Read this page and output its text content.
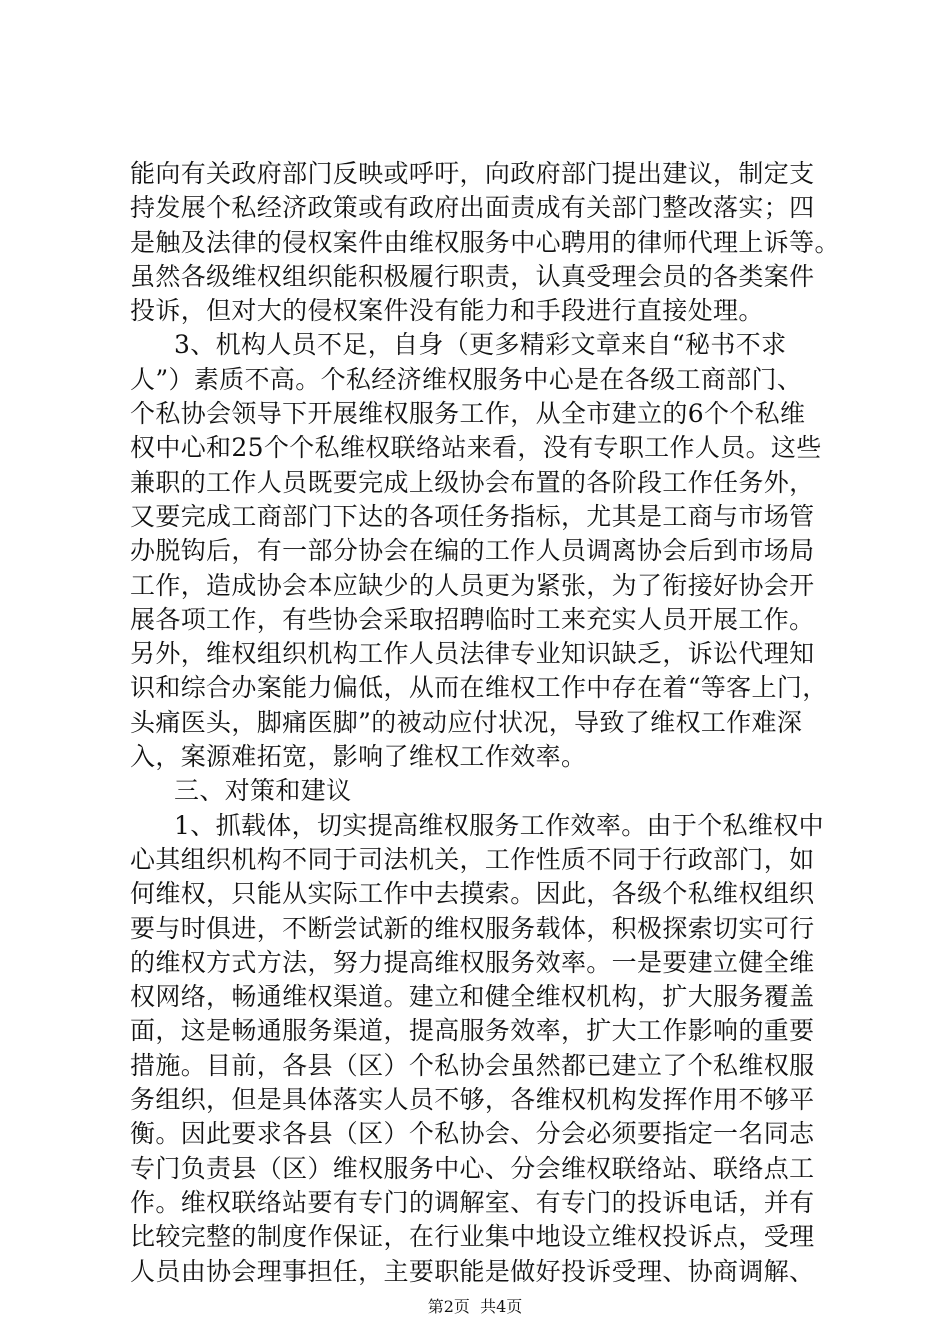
能向有关政府部门反映或呼吁，向政府部门提出建议，制定支
持发展个私经济政策或有政府出面责成有关部门整改落实；四
是触及法律的侵权案件由维权服务中心聘用的律师代理上诉等。
虽然各级维权组织能积极履行职责，认真受理会员的各类案件
投诉，但对大的侵权案件没有能力和手段进行直接处理。
3、机构人员不足，自身（更多精彩文章来自“秘书不求
人”）素质不高。个私经济维权服务中心是在各级工商部门、
个私协会领导下开展维权服务工作，从全市建立的6个个私维
权中心和25个个私维权联络站来看，没有专职工作人员。这些
兼职的工作人员既要完成上级协会布置的各阶段工作任务外，
又要完成工商部门下达的各项任务指标，尤其是工商与市场管
办脱钩后，有一部分协会在编的工作人员调离协会后到市场局
工作，造成协会本应缺少的人员更为紧张，为了衔接好协会开
展各项工作，有些协会采取招聘临时工来充实人员开展工作。
另外，维权组织机构工作人员法律专业知识缺乏，诉讼代理知
识和综合办案能力偏低，从而在维权工作中存在着“等客上门，
头痛医头，脚痛医脚”的被动应付状况，导致了维权工作难深
入，案源难拓宽，影响了维权工作效率。
三、对策和建议
1、抓载体，切实提高维权服务工作效率。由于个私维权中
心其组织机构不同于司法机关，工作性质不同于行政部门，如
何维权，只能从实际工作中去摸索。因此，各级个私维权组织
要与时俱进，不断尝试新的维权服务载体，积极探索切实可行
的维权方式方法，努力提高维权服务效率。一是要建立健全维
权网络，畅通维权渠道。建立和健全维权机构，扩大服务覆盖
面，这是畅通服务渠道，提高服务效率，扩大工作影响的重要
措施。目前，各县（区）个私协会虽然都已建立了个私维权服
务组织，但是具体落实人员不够，各维权机构发挥作用不够平
衡。因此要求各县（区）个私协会、分会必须要指定一名同志
专门负责县（区）维权服务中心、分会维权联络站、联络点工
作。维权联络站要有专门的调解室、有专门的投诉电话，并有
比较完整的制度作保证，在行业集中地设立维权投诉点，受理
人员由协会理事担任，主要职能是做好投诉受理、协商调解、
第2页  共4页
